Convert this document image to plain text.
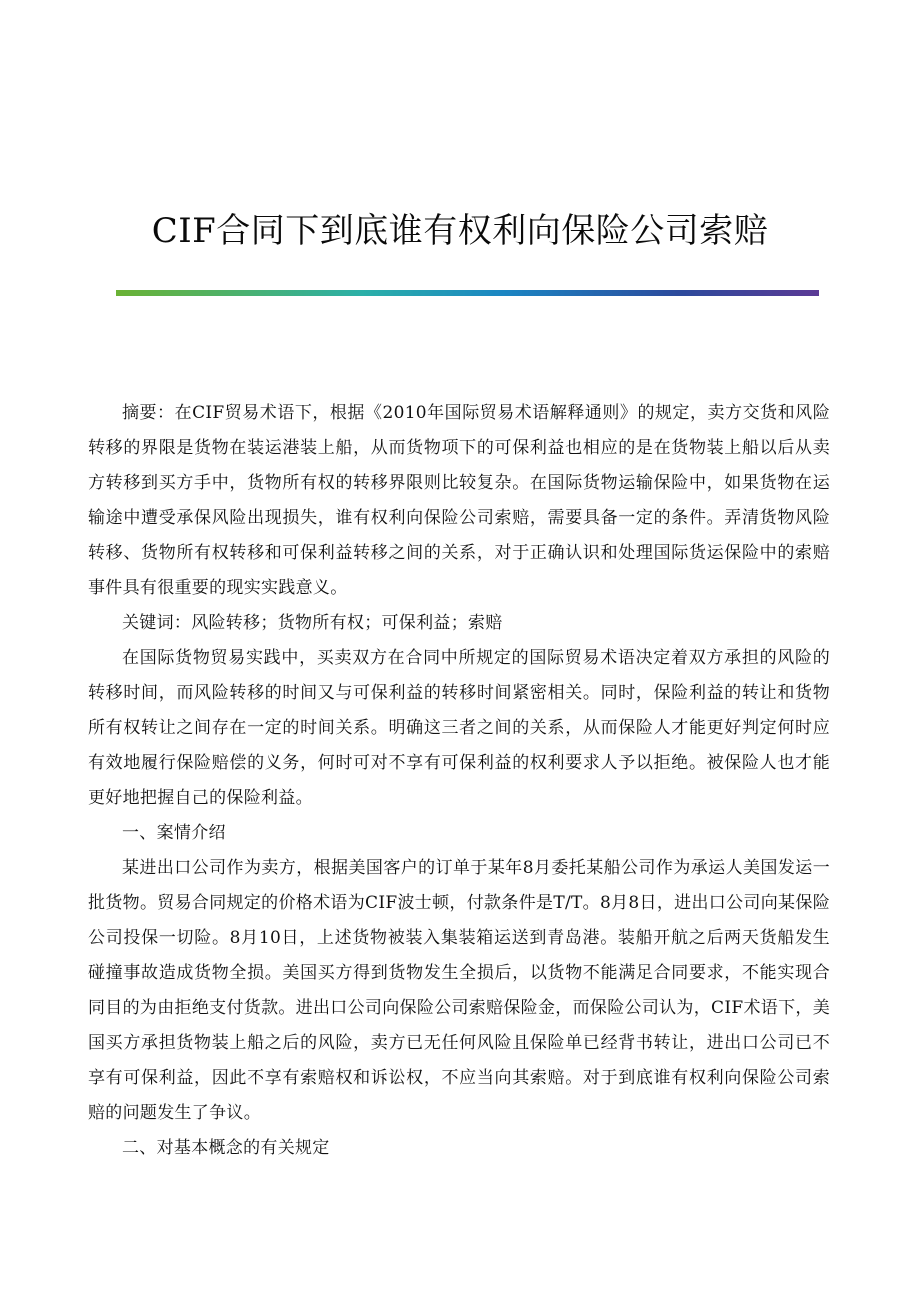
CIF合同下到底谁有权利向保险公司索赔

摘要：在CIF贸易术语下，根据《2010年国际贸易术语解释通则》的规定，卖方交货和风险转移的界限是货物在装运港装上船，从而货物项下的可保利益也相应的是在货物装上船以后从卖方转移到买方手中，货物所有权的转移界限则比较复杂。在国际货物运输保险中，如果货物在运输途中遭受承保风险出现损失，谁有权利向保险公司索赔，需要具备一定的条件。弄清货物风险转移、货物所有权转移和可保利益转移之间的关系，对于正确认识和处理国际货运保险中的索赔事件具有很重要的现实实践意义。

关键词：风险转移；货物所有权；可保利益；索赔

在国际货物贸易实践中，买卖双方在合同中所规定的国际贸易术语决定着双方承担的风险的转移时间，而风险转移的时间又与可保利益的转移时间紧密相关。同时，保险利益的转让和货物所有权转让之间存在一定的时间关系。明确这三者之间的关系，从而保险人才能更好判定何时应有效地履行保险赔偿的义务，何时可对不享有可保利益的权利要求人予以拒绝。被保险人也才能更好地把握自己的保险利益。

一、案情介绍

某进出口公司作为卖方，根据美国客户的订单于某年8月委托某船公司作为承运人美国发运一批货物。贸易合同规定的价格术语为CIF波士顿，付款条件是T/T。8月8日，进出口公司向某保险公司投保一切险。8月10日，上述货物被装入集装箱运送到青岛港。装船开航之后两天货船发生碰撞事故造成货物全损。美国买方得到货物发生全损后，以货物不能满足合同要求，不能实现合同目的为由拒绝支付货款。进出口公司向保险公司索赔保险金，而保险公司认为，CIF术语下，美国买方承担货物装上船之后的风险，卖方已无任何风险且保险单已经背书转让，进出口公司已不享有可保利益，因此不享有索赔权和诉讼权，不应当向其索赔。对于到底谁有权利向保险公司索赔的问题发生了争议。

二、对基本概念的有关规定
